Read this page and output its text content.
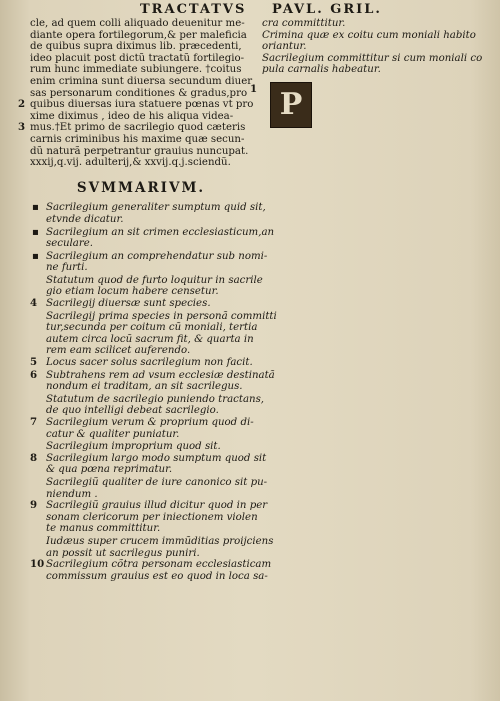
TRACTATVS PAVL. GRIL.
cle, ad quem colli aliquado deuenitur me-
diante opera fortilegorum,& per maleficia
de quibus supra diximus lib. præcedenti,
ideo placuit post dictũ tractatũ fortilegio-
rum hunc immediate subiungere. †coitus
enim crimina sunt diuersa secundum diuer
sas personarum conditiones & gradus,pro
quibus diuersas iura statuere pœnas vt pro
xime diximus , ideo de his aliqua videa-
mus.†Et primo de sacrilegio quod cæteris
carnis criminibus his maxime quæ secun-
dũ naturã perpetrantur grauius nuncupat.
xxxij,q.vij. adulterij,& xxvij.q.j.sciendũ.
2
3
SVMMARIVM.
▪ Sacrilegium generaliter sumptum quid sit,
etvnde dicatur.
▪ Sacrilegium an sit crimen ecclesiasticum,an
seculare.
▪ Sacrilegium an comprehendatur sub nomi-
ne furti.
Statutum quod de furto loquitur in sacrile
gio etiam locum habere censetur.
4 Sacrilegij diuersæ sunt species.
Sacrilegij prima species in personã committi
tur,secunda per coitum cũ moniali, tertia
autem circa locũ sacrum fit, & quarta in
rem eam scilicet auferendo.
5 Locus sacer solus sacrilegium non facit.
6 Subtrahens rem ad vsum ecclesiæ destinatã
nondum ei traditam, an sit sacrilegus.
Statutum de sacrilegio puniendo tractans,
de quo intelligi debeat sacrilegio.
7 Sacrilegium verum & proprium quod di-
catur & qualiter puniatur.
Sacrilegium improprium quod sit.
8 Sacrilegium largo modo sumptum quod sit
& qua pœna reprimatur.
Sacrilegiũ qualiter de iure canonico sit pu-
niendum .
9 Sacrilegiũ grauius illud dicitur quod in per
sonam clericorum per iniectionem violen
te manus committitur.
Iudæus super crucem immũditias proijciens
an possit ut sacrilegus puniri.
10 Sacrilegium cõtra personam ecclesiasticam
commissum grauius est eo quod in loca sa-
cra committitur.
Crimina quæ ex coitu cum moniali habito
oriantur.
Sacrilegium committitur si cum moniali co
pula carnalis habeatur.
1 P
